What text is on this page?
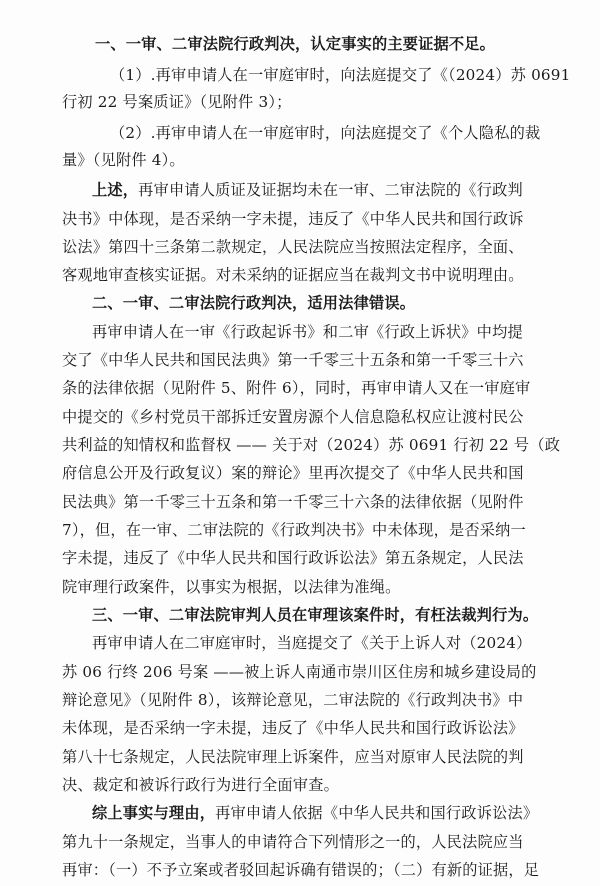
一、一审、二审法院行政判决，认定事实的主要证据不足。
（1）.再审申请人在一审庭审时，向法庭提交了《（2024）苏 0691
行初 22 号案质证》（见附件 3）；
（2）.再审申请人在一审庭审时，向法庭提交了《个人隐私的裁
量》（见附件 4）。
上述，再审申请人质证及证据均未在一审、二审法院的《行政判
决书》中体现，是否采纳一字未提，违反了《中华人民共和国行政诉
讼法》第四十三条第二款规定，人民法院应当按照法定程序，全面、
客观地审查核实证据。对未采纳的证据应当在裁判文书中说明理由。
二、一审、二审法院行政判决，适用法律错误。
再审申请人在一审《行政起诉书》和二审《行政上诉状》中均提
交了《中华人民共和国民法典》第一千零三十五条和第一千零三十六
条的法律依据（见附件 5、附件 6），同时，再审申请人又在一审庭审
中提交的《乡村党员干部拆迁安置房源个人信息隐私权应让渡村民公
共利益的知情权和监督权 —— 关于对（2024）苏 0691 行初 22 号（政
府信息公开及行政复议）案的辩论》里再次提交了《中华人民共和国
民法典》第一千零三十五条和第一千零三十六条的法律依据（见附件
7），但，在一审、二审法院的《行政判决书》中未体现，是否采纳一
字未提，违反了《中华人民共和国行政诉讼法》第五条规定，人民法
院审理行政案件，以事实为根据，以法律为准绳。
三、一审、二审法院审判人员在审理该案件时，有枉法裁判行为。
再审申请人在二审庭审时，当庭提交了《关于上诉人对（2024）
苏 06 行终 206 号案 ——被上诉人南通市崇川区住房和城乡建设局的
辩论意见》（见附件 8），该辩论意见，二审法院的《行政判决书》中
未体现，是否采纳一字未提，违反了《中华人民共和国行政诉讼法》
第八十七条规定，人民法院审理上诉案件，应当对原审人民法院的判
决、裁定和被诉行政行为进行全面审查。
综上事实与理由，再审申请人依据《中华人民共和国行政诉讼法》
第九十一条规定，当事人的申请符合下列情形之一的，人民法院应当
再审：（一）不予立案或者驳回起诉确有错误的；（二）有新的证据，足
